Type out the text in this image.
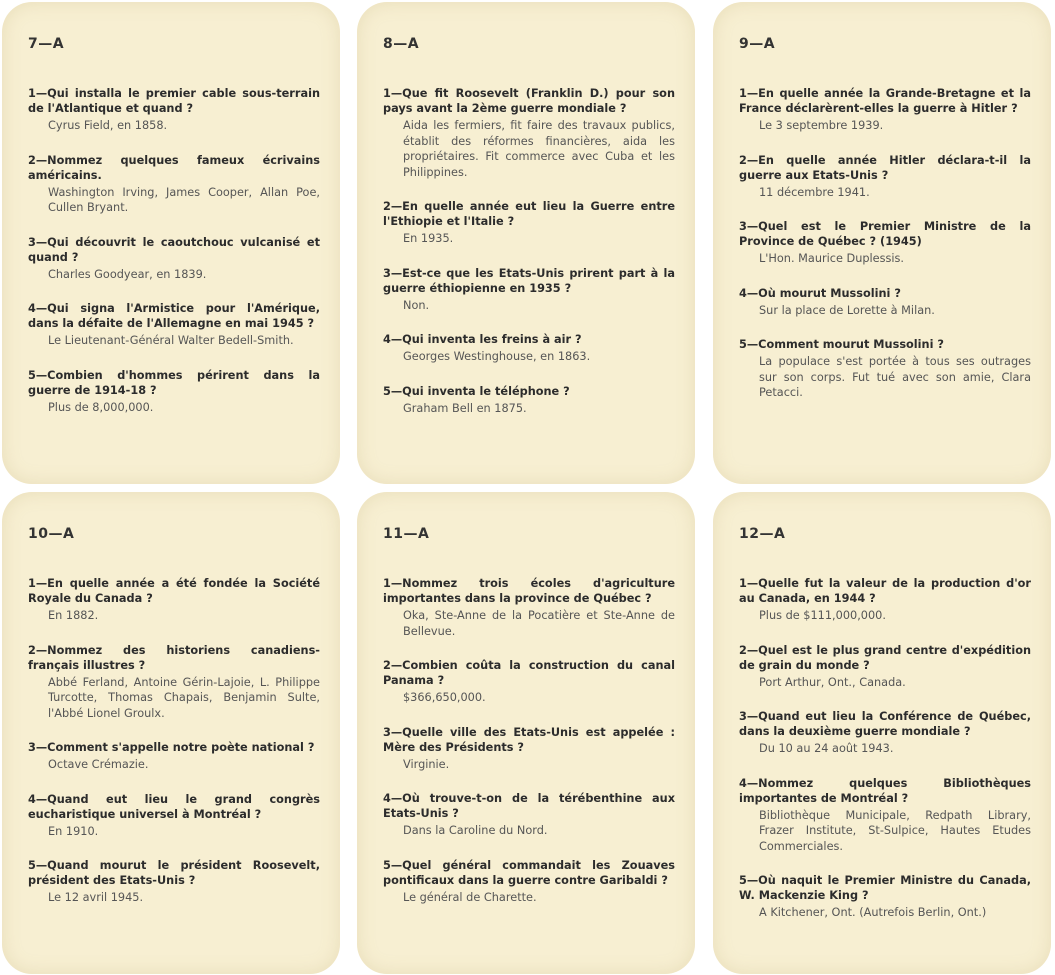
7—A
1—Qui installa le premier cable sous-terrain de l'Atlantique et quand ?
Cyrus Field, en 1858.
2—Nommez quelques fameux écrivains américains.
Washington Irving, James Cooper, Allan Poe, Cullen Bryant.
3—Qui découvrit le caoutchouc vulcanisé et quand ?
Charles Goodyear, en 1839.
4—Qui signa l'Armistice pour l'Amérique, dans la défaite de l'Allemagne en mai 1945 ?
Le Lieutenant-Général Walter Bedell-Smith.
5—Combien d'hommes périrent dans la guerre de 1914-18 ?
Plus de 8,000,000.
8—A
1—Que fit Roosevelt (Franklin D.) pour son pays avant la 2ème guerre mondiale ?
Aida les fermiers, fit faire des travaux publics, établit des réformes financières, aida les propriétaires. Fit commerce avec Cuba et les Philippines.
2—En quelle année eut lieu la Guerre entre l'Ethiopie et l'Italie ?
En 1935.
3—Est-ce que les Etats-Unis prirent part à la guerre éthiopienne en 1935 ?
Non.
4—Qui inventa les freins à air ?
Georges Westinghouse, en 1863.
5—Qui inventa le téléphone ?
Graham Bell en 1875.
9—A
1—En quelle année la Grande-Bretagne et la France déclarèrent-elles la guerre à Hitler ?
Le 3 septembre 1939.
2—En quelle année Hitler déclara-t-il la guerre aux Etats-Unis ?
11 décembre 1941.
3—Quel est le Premier Ministre de la Province de Québec ? (1945)
L'Hon. Maurice Duplessis.
4—Où mourut Mussolini ?
Sur la place de Lorette à Milan.
5—Comment mourut Mussolini ?
La populace s'est portée à tous ses outrages sur son corps. Fut tué avec son amie, Clara Petacci.
10—A
1—En quelle année a été fondée la Société Royale du Canada ?
En 1882.
2—Nommez des historiens canadiens-français illustres ?
Abbé Ferland, Antoine Gérin-Lajoie, L. Philippe Turcotte, Thomas Chapais, Benjamin Sulte, l'Abbé Lionel Groulx.
3—Comment s'appelle notre poète national ?
Octave Crémazie.
4—Quand eut lieu le grand congrès eucharistique universel à Montréal ?
En 1910.
5—Quand mourut le président Roosevelt, président des Etats-Unis ?
Le 12 avril 1945.
11—A
1—Nommez trois écoles d'agriculture importantes dans la province de Québec ?
Oka, Ste-Anne de la Pocatière et Ste-Anne de Bellevue.
2—Combien coûta la construction du canal Panama ?
$366,650,000.
3—Quelle ville des Etats-Unis est appelée : Mère des Présidents ?
Virginie.
4—Où trouve-t-on de la térébenthine aux Etats-Unis ?
Dans la Caroline du Nord.
5—Quel général commandait les Zouaves pontificaux dans la guerre contre Garibaldi ?
Le général de Charette.
12—A
1—Quelle fut la valeur de la production d'or au Canada, en 1944 ?
Plus de $111,000,000.
2—Quel est le plus grand centre d'expédition de grain du monde ?
Port Arthur, Ont., Canada.
3—Quand eut lieu la Conférence de Québec, dans la deuxième guerre mondiale ?
Du 10 au 24 août 1943.
4—Nommez quelques Bibliothèques importantes de Montréal ?
Bibliothèque Municipale, Redpath Library, Frazer Institute, St-Sulpice, Hautes Etudes Commerciales.
5—Où naquit le Premier Ministre du Canada, W. Mackenzie King ?
A Kitchener, Ont. (Autrefois Berlin, Ont.)
